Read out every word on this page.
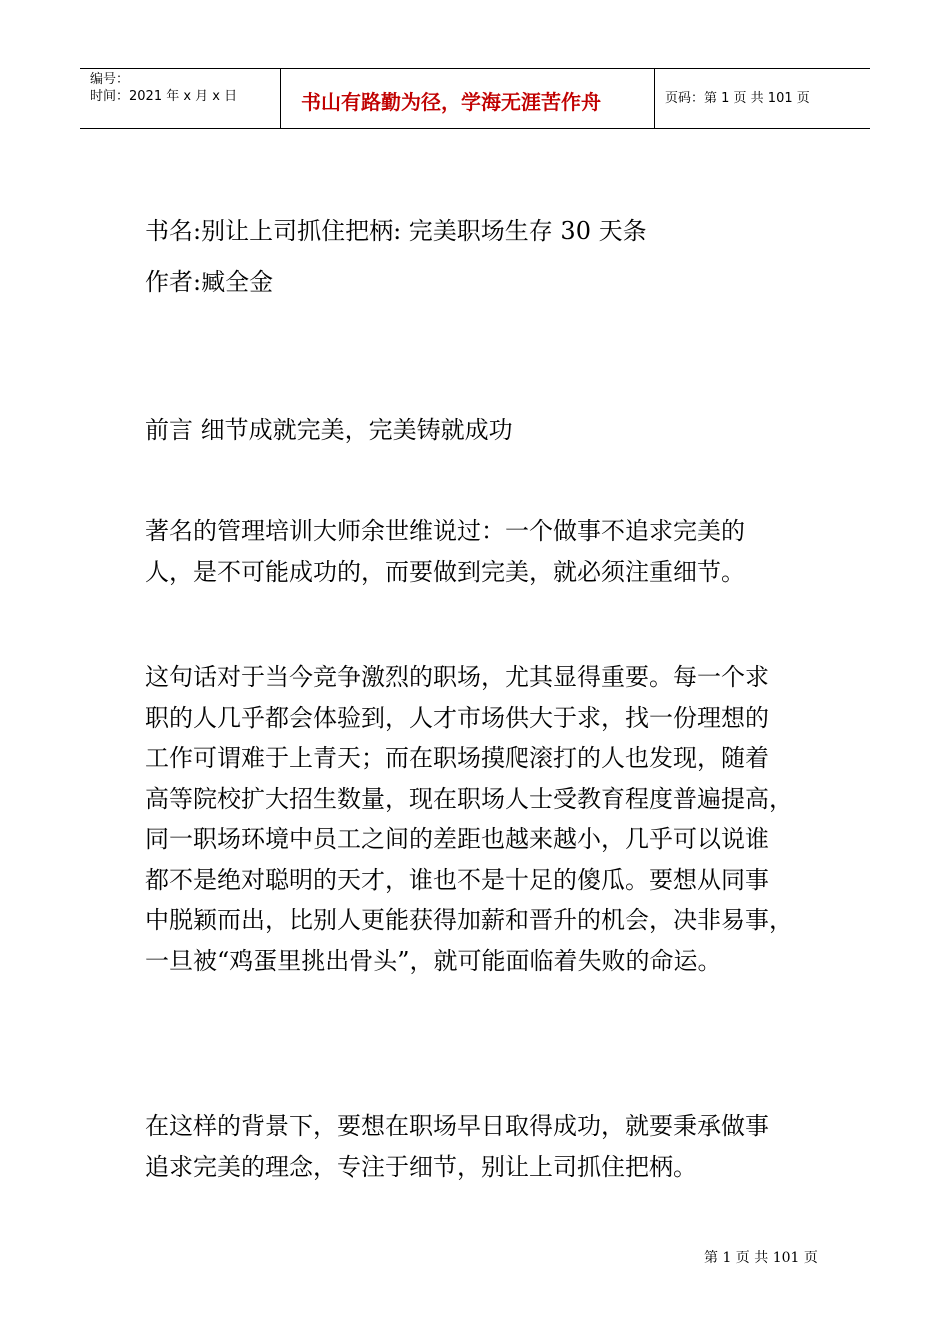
编号：
时间：2021 年 x 月 x 日	书山有路勤为径，学海无涯苦作舟	页码：第 1 页 共 101 页
书名:别让上司抓住把柄: 完美职场生存 30 天条
作者:臧全金
前言 细节成就完美，完美铸就成功
著名的管理培训大师余世维说过：一个做事不追求完美的
人，是不可能成功的，而要做到完美，就必须注重细节。
这句话对于当今竞争激烈的职场，尤其显得重要。每一个求
职的人几乎都会体验到，人才市场供大于求，找一份理想的
工作可谓难于上青天；而在职场摸爬滚打的人也发现，随着
高等院校扩大招生数量，现在职场人士受教育程度普遍提高，
同一职场环境中员工之间的差距也越来越小，几乎可以说谁
都不是绝对聪明的天才，谁也不是十足的傻瓜。要想从同事
中脱颖而出，比别人更能获得加薪和晋升的机会，决非易事，
一旦被“鸡蛋里挑出骨头”，就可能面临着失败的命运。
在这样的背景下，要想在职场早日取得成功，就要秉承做事
追求完美的理念，专注于细节，别让上司抓住把柄。
第 1 页 共 101 页
